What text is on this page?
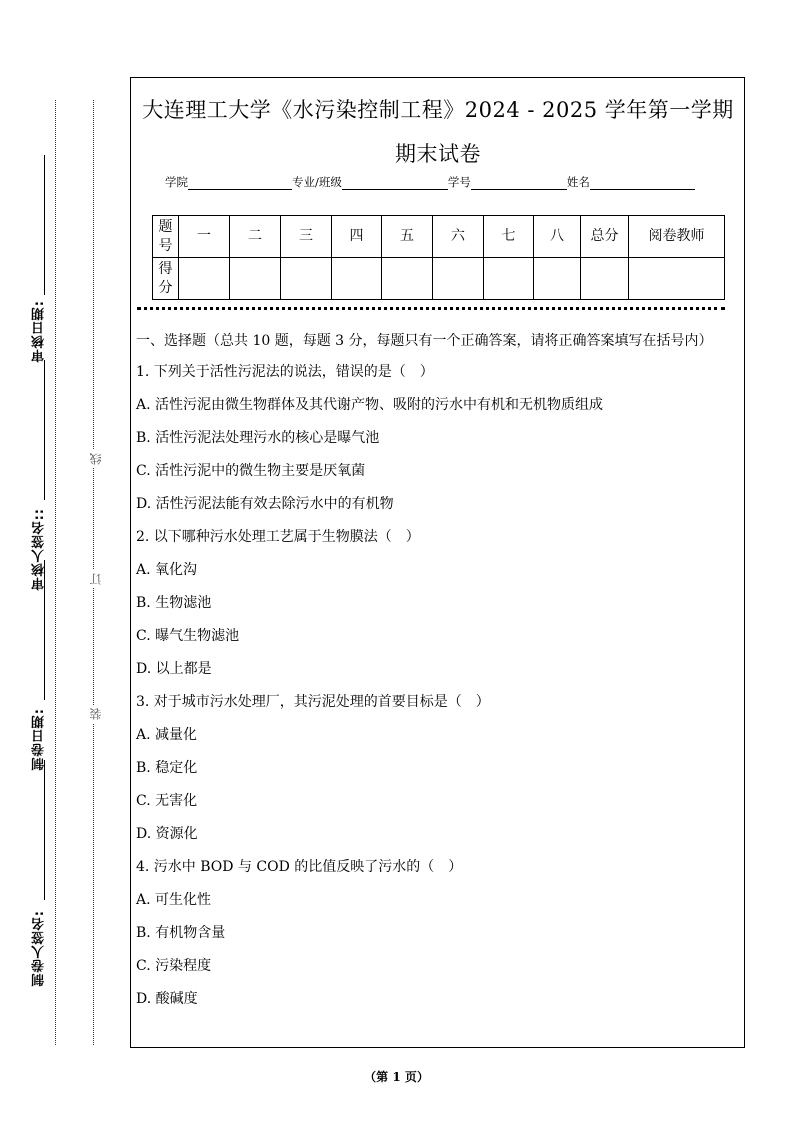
审核日期:
审核人签名::
制卷日期:
制卷人签名:
线
订
装
大连理工大学《水污染控制工程》2024 - 2025 学年第一学期期末试卷
学院	专业/班级	学号	姓名
题号	一	二	三	四	五	六	七	八	总分	阅卷教师
得分										
一、选择题（总共 10 题，每题 3 分，每题只有一个正确答案，请将正确答案填写在括号内）
1. 下列关于活性污泥法的说法，错误的是（　）
A. 活性污泥由微生物群体及其代谢产物、吸附的污水中有机和无机物质组成
B. 活性污泥法处理污水的核心是曝气池
C. 活性污泥中的微生物主要是厌氧菌
D. 活性污泥法能有效去除污水中的有机物
2. 以下哪种污水处理工艺属于生物膜法（　）
A. 氧化沟
B. 生物滤池
C. 曝气生物滤池
D. 以上都是
3. 对于城市污水处理厂，其污泥处理的首要目标是（　）
A. 减量化
B. 稳定化
C. 无害化
D. 资源化
4. 污水中 BOD 与 COD 的比值反映了污水的（　）
A. 可生化性
B. 有机物含量
C. 污染程度
D. 酸碱度
（第 1 页）
